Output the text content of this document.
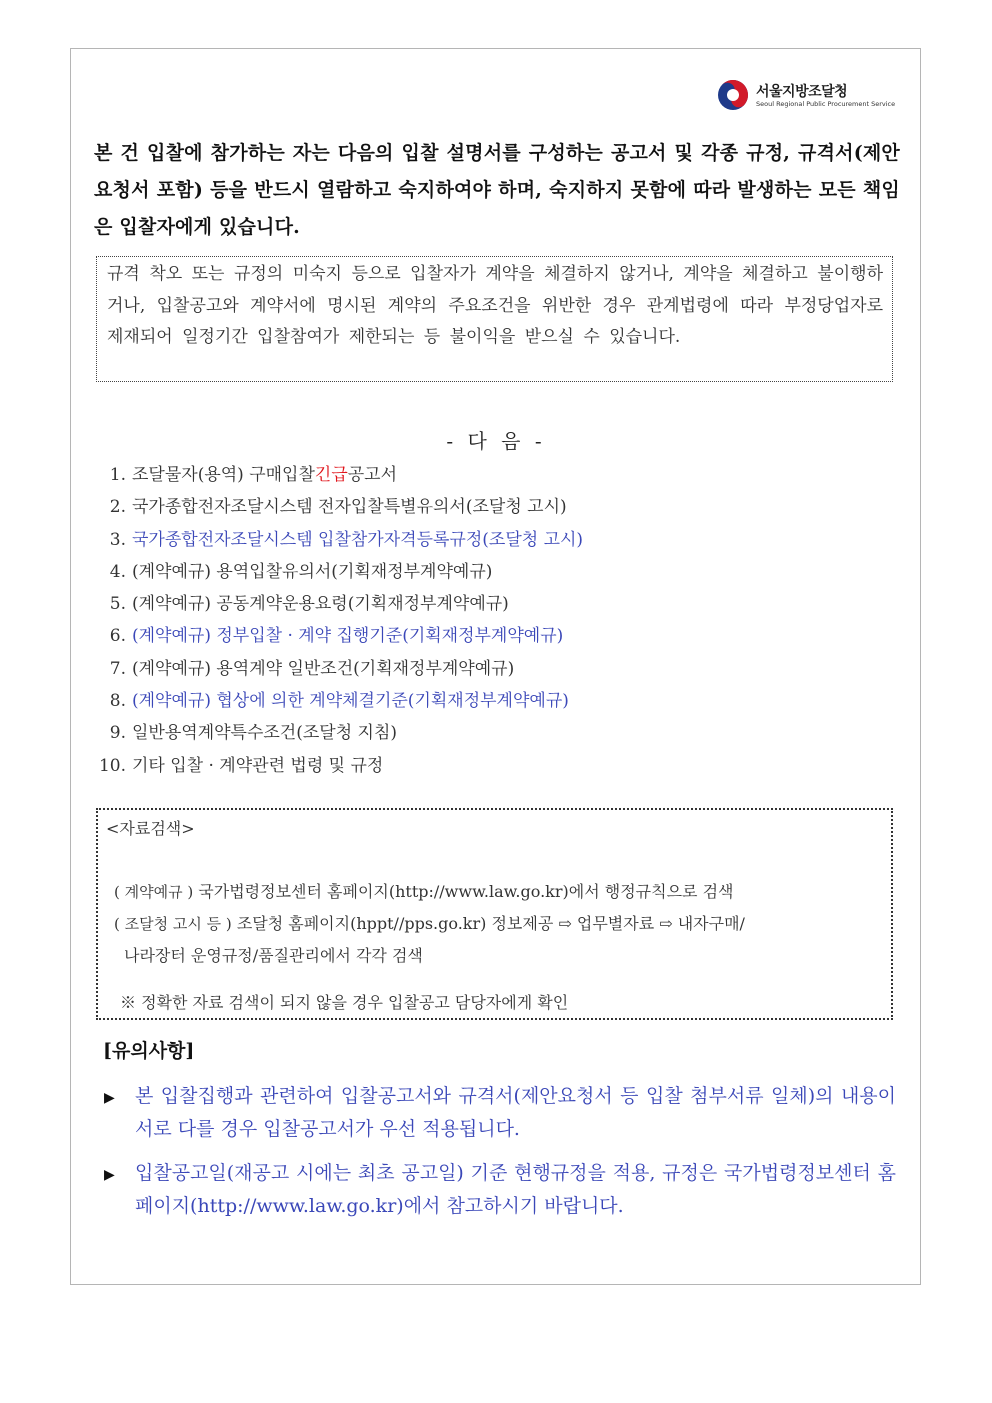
서울지방조달청
Seoul Regional Public Procurement Service
본 건 입찰에 참가하는 자는 다음의 입찰 설명서를 구성하는 공고서 및 각종 규정, 규격서(제안요청서 포함) 등을 반드시 열람하고 숙지하여야 하며, 숙지하지 못함에 따라 발생하는 모든 책임은 입찰자에게 있습니다.
규격 착오 또는 규정의 미숙지 등으로 입찰자가 계약을 체결하지 않거나, 계약을 체결하고 불이행하거나, 입찰공고와 계약서에 명시된 계약의 주요조건을 위반한 경우 관계법령에 따라 부정당업자로 제재되어 일정기간 입찰참여가 제한되는 등 불이익을 받으실 수 있습니다.
- 다 음 -
1. 조달물자(용역) 구매입찰긴급공고서
2. 국가종합전자조달시스템 전자입찰특별유의서(조달청 고시)
3. 국가종합전자조달시스템 입찰참가자격등록규정(조달청 고시)
4. (계약예규) 용역입찰유의서(기획재정부계약예규)
5. (계약예규) 공동계약운용요령(기획재정부계약예규)
6. (계약예규) 정부입찰 · 계약 집행기준(기획재정부계약예규)
7. (계약예규) 용역계약 일반조건(기획재정부계약예규)
8. (계약예규) 협상에 의한 계약체결기준(기획재정부계약예규)
9. 일반용역계약특수조건(조달청 지침)
10. 기타 입찰 · 계약관련 법령 및 규정
<자료검색>
( 계약예규 ) 국가법령정보센터 홈페이지(http://www.law.go.kr)에서 행정규칙으로 검색
( 조달청 고시 등 ) 조달청 홈페이지(hppt//pps.go.kr) 정보제공 ⇨ 업무별자료 ⇨ 내자구매/
나라장터 운영규정/품질관리에서 각각 검색
※ 정확한 자료 검색이 되지 않을 경우 입찰공고 담당자에게 확인
[유의사항]
▶ 본 입찰집행과 관련하여 입찰공고서와 규격서(제안요청서 등 입찰 첨부서류 일체)의 내용이 서로 다를 경우 입찰공고서가 우선 적용됩니다.
▶ 입찰공고일(재공고 시에는 최초 공고일) 기준 현행규정을 적용, 규정은 국가법령정보센터 홈페이지(http://www.law.go.kr)에서 참고하시기 바랍니다.
